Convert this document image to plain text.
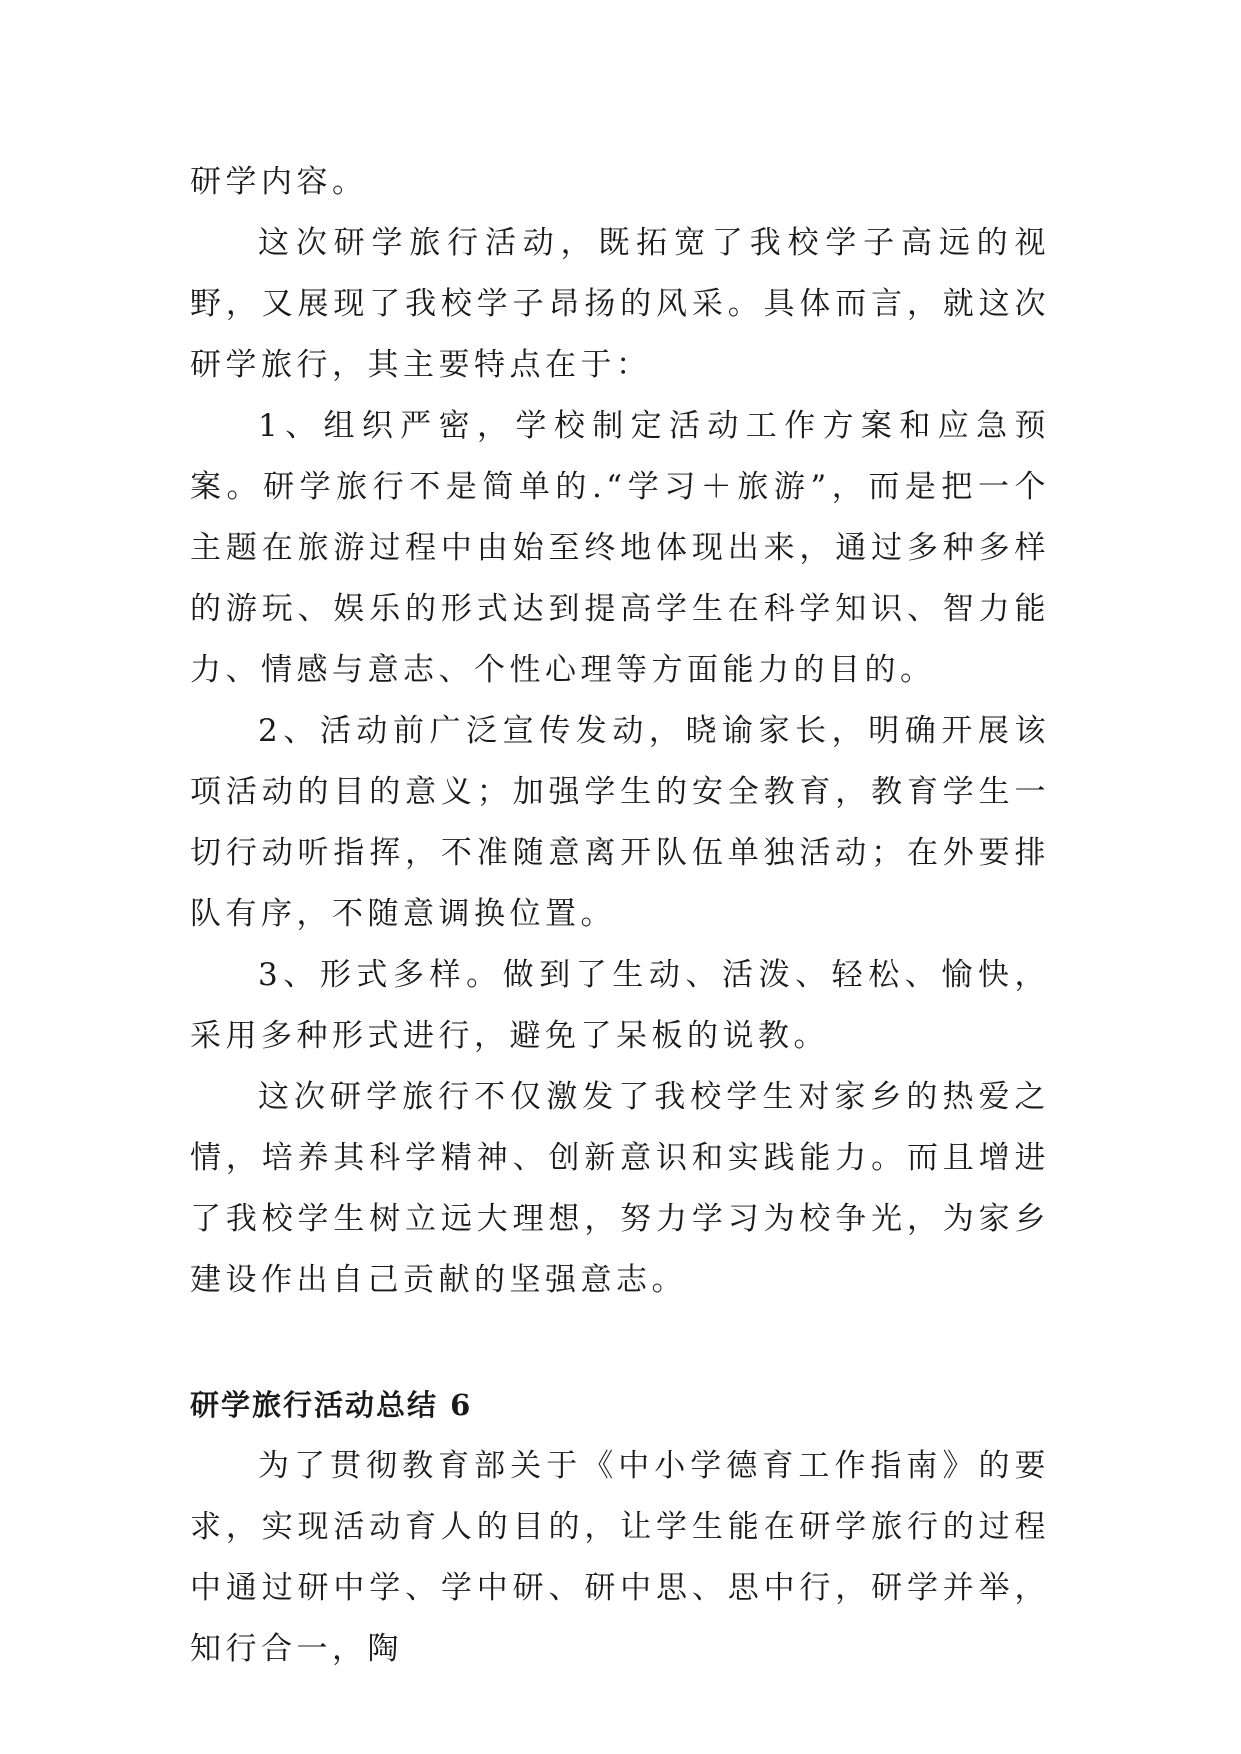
研学内容。

这次研学旅行活动，既拓宽了我校学子高远的视野，又展现了我校学子昂扬的风采。具体而言，就这次研学旅行，其主要特点在于：

1、组织严密，学校制定活动工作方案和应急预案。研学旅行不是简单的.“学习＋旅游”，而是把一个主题在旅游过程中由始至终地体现出来，通过多种多样的游玩、娱乐的形式达到提高学生在科学知识、智力能力、情感与意志、个性心理等方面能力的目的。

2、活动前广泛宣传发动，晓谕家长，明确开展该项活动的目的意义；加强学生的安全教育，教育学生一切行动听指挥，不准随意离开队伍单独活动；在外要排队有序，不随意调换位置。

3、形式多样。做到了生动、活泼、轻松、愉快，采用多种形式进行，避免了呆板的说教。

这次研学旅行不仅激发了我校学生对家乡的热爱之情，培养其科学精神、创新意识和实践能力。而且增进了我校学生树立远大理想，努力学习为校争光，为家乡建设作出自己贡献的坚强意志。

研学旅行活动总结 6

为了贯彻教育部关于《中小学德育工作指南》的要求，实现活动育人的目的，让学生能在研学旅行的过程中通过研中学、学中研、研中思、思中行，研学并举，知行合一，陶
